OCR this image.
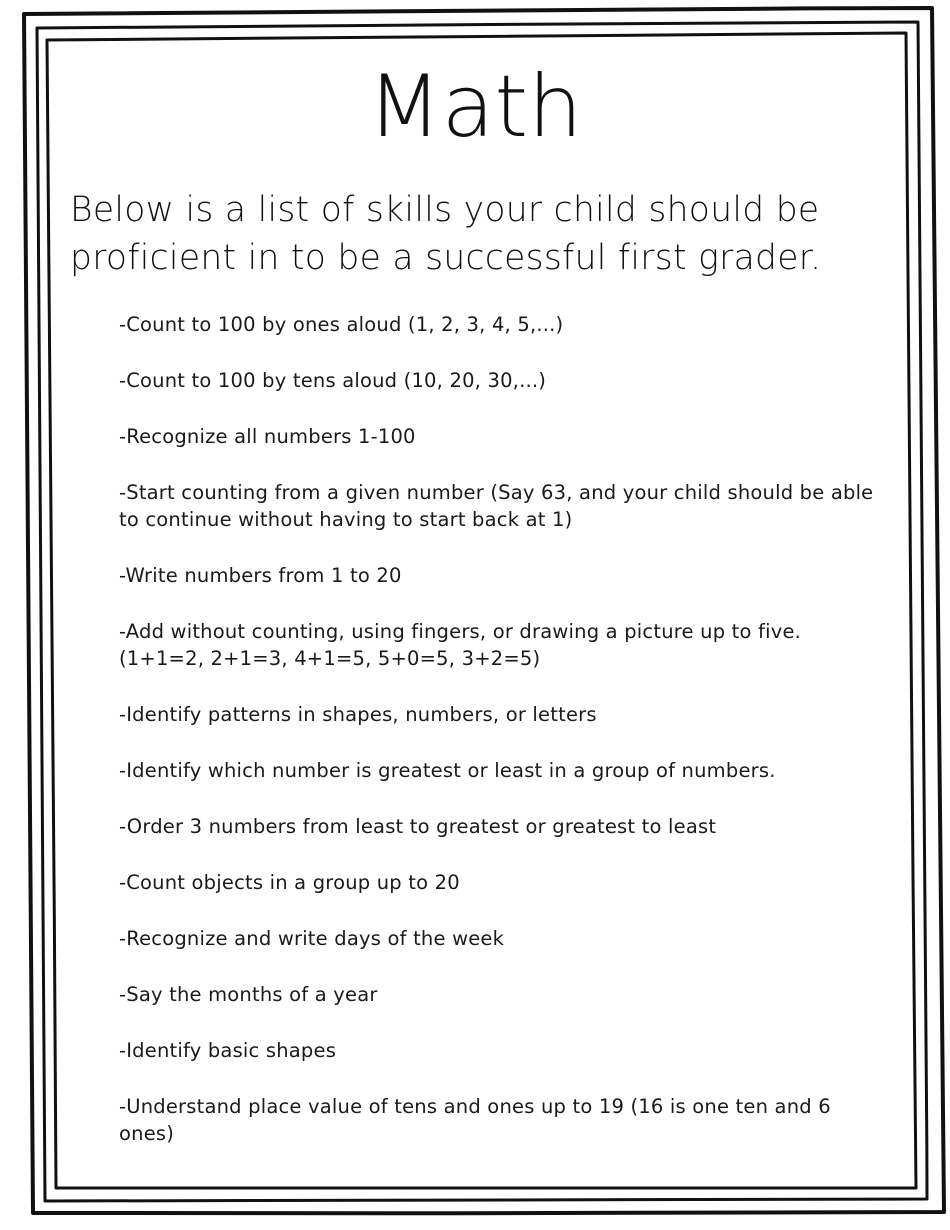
Math

Below is a list of skills your child should be proficient in to be a successful first grader.

-Count to 100 by ones aloud (1, 2, 3, 4, 5,...)
-Count to 100 by tens aloud (10, 20, 30,...)
-Recognize all numbers 1-100
-Start counting from a given number (Say 63, and your child should be able to continue without having to start back at 1)
-Write numbers from 1 to 20
-Add without counting, using fingers, or drawing a picture up to five. (1+1=2, 2+1=3, 4+1=5, 5+0=5, 3+2=5)
-Identify patterns in shapes, numbers, or letters
-Identify which number is greatest or least in a group of numbers.
-Order 3 numbers from least to greatest or greatest to least
-Count objects in a group up to 20
-Recognize and write days of the week
-Say the months of a year
-Identify basic shapes
-Understand place value of tens and ones up to 19 (16 is one ten and 6 ones)
